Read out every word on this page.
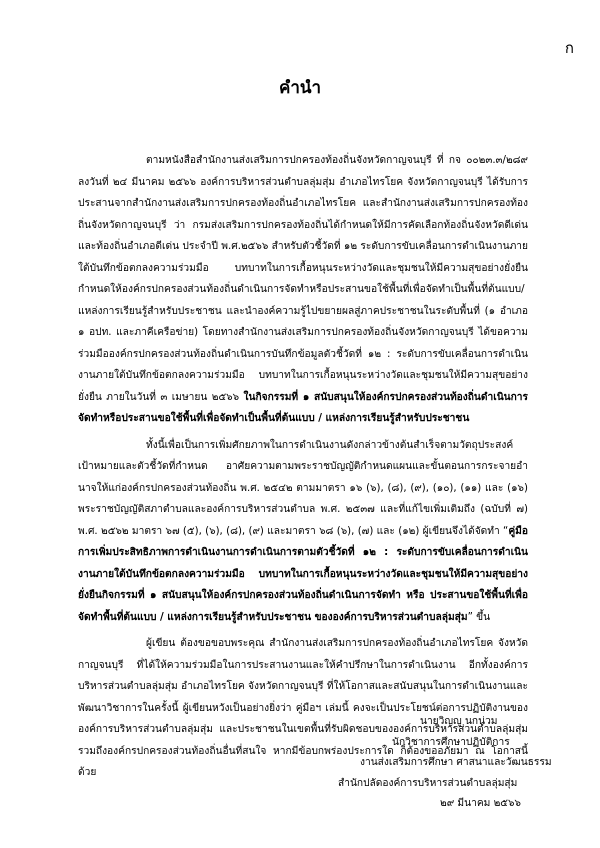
ก
คำนำ

ตามหนังสือสำนักงานส่งเสริมการปกครองท้องถิ่นจังหวัดกาญจนบุรี ที่ กจ ๐๐๒๓.๓/๒๘๙ ลงวันที่ ๒๔ มีนาคม ๒๕๖๖ องค์การบริหารส่วนตำบลลุ่มสุ่ม อำเภอไทรโยค จังหวัดกาญจนบุรี ได้รับการประสานจากสำนักงานส่งเสริมการปกครองท้องถิ่นอำเภอไทรโยค และสำนักงานส่งเสริมการปกครองท้องถิ่นจังหวัดกาญจนบุรี ว่า กรมส่งเสริมการปกครองท้องถิ่นได้กำหนดให้มีการคัดเลือกท้องถิ่นจังหวัดดีเด่นและท้องถิ่นอำเภอดีเด่น ประจำปี พ.ศ.๒๕๖๖ สำหรับตัวชี้วัดที่ ๑๒ ระดับการขับเคลื่อนการดำเนินงานภายใต้บันทึกข้อตกลงความร่วมมือ บทบาทในการเกื้อหนุนระหว่างวัดและชุมชนให้มีความสุขอย่างยั่งยืน กำหนดให้องค์กรปกครองส่วนท้องถิ่นดำเนินการจัดทำหรือประสานขอใช้พื้นที่เพื่อจัดทำเป็นพื้นที่ต้นแบบ/แหล่งการเรียนรู้สำหรับประชาชน และนำองค์ความรู้ไปขยายผลสู่ภาคประชาชนในระดับพื้นที่ (๑ อำเภอ ๑ อปท. และภาคีเครือข่าย) โดยทางสำนักงานส่งเสริมการปกครองท้องถิ่นจังหวัดกาญจนบุรี ได้ขอความร่วมมือองค์กรปกครองส่วนท้องถิ่นดำเนินการบันทึกข้อมูลตัวชี้วัดที่ ๑๒ : ระดับการขับเคลื่อนการดำเนินงานภายใต้บันทึกข้อตกลงความร่วมมือ บทบาทในการเกื้อหนุนระหว่างวัดและชุมชนให้มีความสุขอย่างยั่งยืน ภายในวันที่ ๓ เมษายน ๒๕๖๖ ในกิจกรรมที่ ๑ สนับสนุนให้องค์กรปกครองส่วนท้องถิ่นดำเนินการจัดทำหรือประสานขอใช้พื้นที่เพื่อจัดทำเป็นพื้นที่ต้นแบบ / แหล่งการเรียนรู้สำหรับประชาชน

ทั้งนี้เพื่อเป็นการเพิ่มศักยภาพในการดำเนินงานดังกล่าวข้างต้นสำเร็จตามวัตถุประสงค์ เป้าหมายและตัวชี้วัดที่กำหนด อาศัยความตามพระราชบัญญัติกำหนดแผนและขั้นตอนการกระจายอำนาจให้แก่องค์กรปกครองส่วนท้องถิ่น พ.ศ. ๒๕๔๒ ตามมาตรา ๑๖ (๖), (๘), (๙), (๑๐), (๑๑) และ (๑๖) พระราชบัญญัติสภาตำบลและองค์การบริหารส่วนตำบล พ.ศ. ๒๕๓๗ และที่แก้ไขเพิ่มเติมถึง (ฉบับที่ ๗) พ.ศ. ๒๕๖๒ มาตรา ๖๗ (๕), (๖), (๘), (๙) และมาตรา ๖๘ (๖), (๗) และ (๑๒) ผู้เขียนจึงได้จัดทำ “คู่มือการเพิ่มประสิทธิภาพการดำเนินงานการดำเนินการตามตัวชี้วัดที่ ๑๒ : ระดับการขับเคลื่อนการดำเนินงานภายใต้บันทึกข้อตกลงความร่วมมือ บทบาทในการเกื้อหนุนระหว่างวัดและชุมชนให้มีความสุขอย่างยั่งยืนกิจกรรมที่ ๑ สนับสนุนให้องค์กรปกครองส่วนท้องถิ่นดำเนินการจัดทำ หรือ ประสานขอใช้พื้นที่เพื่อจัดทำพื้นที่ต้นแบบ / แหล่งการเรียนรู้สำหรับประชาชน ขององค์การบริหารส่วนตำบลลุ่มสุ่ม” ขึ้น

ผู้เขียน ต้องขอขอบพระคุณ สำนักงานส่งเสริมการปกครองท้องถิ่นอำเภอไทรโยค จังหวัดกาญจนบุรี ที่ได้ให้ความร่วมมือในการประสานงานและให้คำปรึกษาในการดำเนินงาน อีกทั้งองค์การบริหารส่วนตำบลลุ่มสุ่ม อำเภอไทรโยค จังหวัดกาญจนบุรี ที่ให้โอกาสและสนับสนุนในการดำเนินงานและพัฒนาวิชาการในครั้งนี้ ผู้เขียนหวังเป็นอย่างยิ่งว่า คู่มือฯ เล่มนี้ คงจะเป็นประโยชน์ต่อการปฏิบัติงานขององค์การบริหารส่วนตำบลลุ่มสุ่ม และประชาชนในเขตพื้นที่รับผิดชอบขององค์การบริหารส่วนตำบลลุ่มสุ่ม รวมถึงองค์กรปกครองส่วนท้องถิ่นอื่นที่สนใจ หากมีข้อบกพร่องประการใด ก็ต้องขออภัยมา ณ โอกาสนี้ด้วย

นายวิญญู นกน่วม
นักวิชาการศึกษาปฏิบัติการ
งานส่งเสริมการศึกษา ศาสนาและวัฒนธรรม
สำนักปลัดองค์การบริหารส่วนตำบลลุ่มสุ่ม
๒๙ มีนาคม ๒๕๖๖
